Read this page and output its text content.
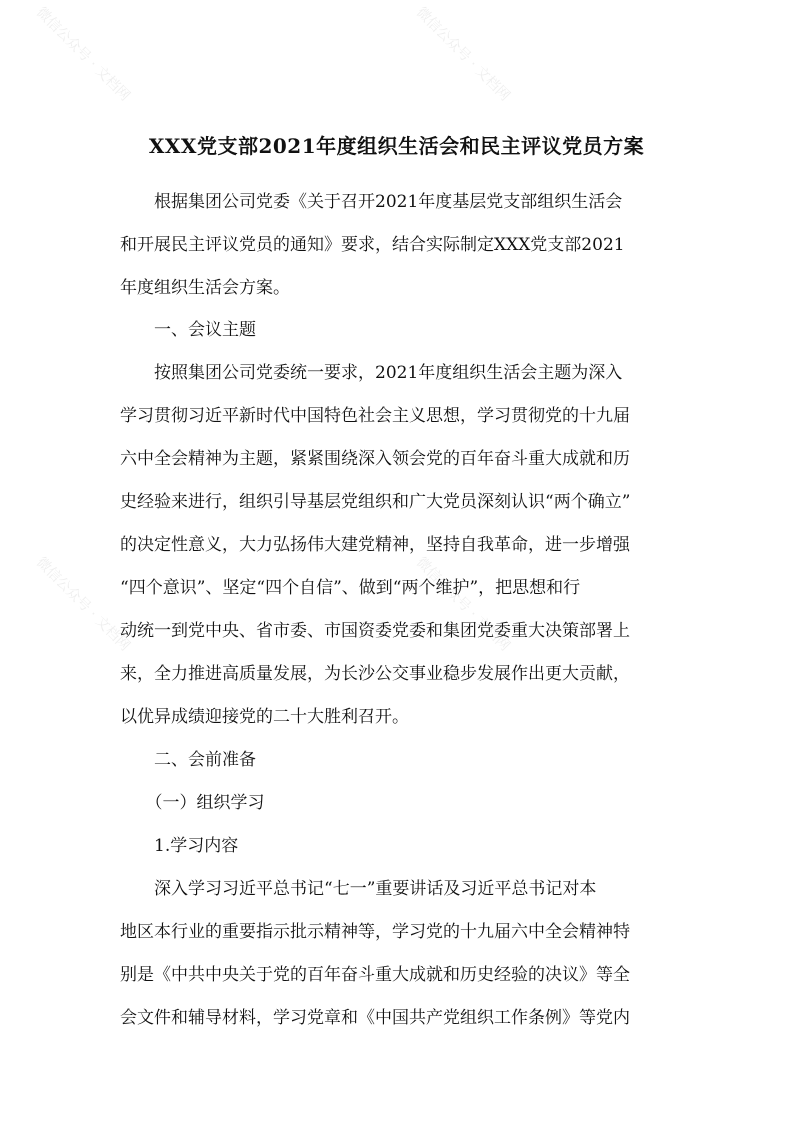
微信公众号 · 文档网	微信公众号 · 文档网
微信公众号 · 文档网	微信公众号 · 文档网
XXX党支部2021年度组织生活会和民主评议党员方案
　　根据集团公司党委《关于召开2021年度基层党支部组织生活会
和开展民主评议党员的通知》要求，结合实际制定XXX党支部2021
年度组织生活会方案。
　　一、会议主题
　　按照集团公司党委统一要求，2021年度组织生活会主题为深入
学习贯彻习近平新时代中国特色社会主义思想，学习贯彻党的十九届
六中全会精神为主题，紧紧围绕深入领会党的百年奋斗重大成就和历
史经验来进行，组织引导基层党组织和广大党员深刻认识“两个确立”
的决定性意义，大力弘扬伟大建党精神，坚持自我革命，进一步增强
“四个意识”、坚定“四个自信”、做到“两个维护”，把思想和行
动统一到党中央、省市委、市国资委党委和集团党委重大决策部署上
来，全力推进高质量发展，为长沙公交事业稳步发展作出更大贡献，
以优异成绩迎接党的二十大胜利召开。
　　二、会前准备
　　（一）组织学习
　　1.学习内容
　　深入学习习近平总书记“七一”重要讲话及习近平总书记对本
地区本行业的重要指示批示精神等，学习党的十九届六中全会精神特
别是《中共中央关于党的百年奋斗重大成就和历史经验的决议》等全
会文件和辅导材料，学习党章和《中国共产党组织工作条例》等党内
